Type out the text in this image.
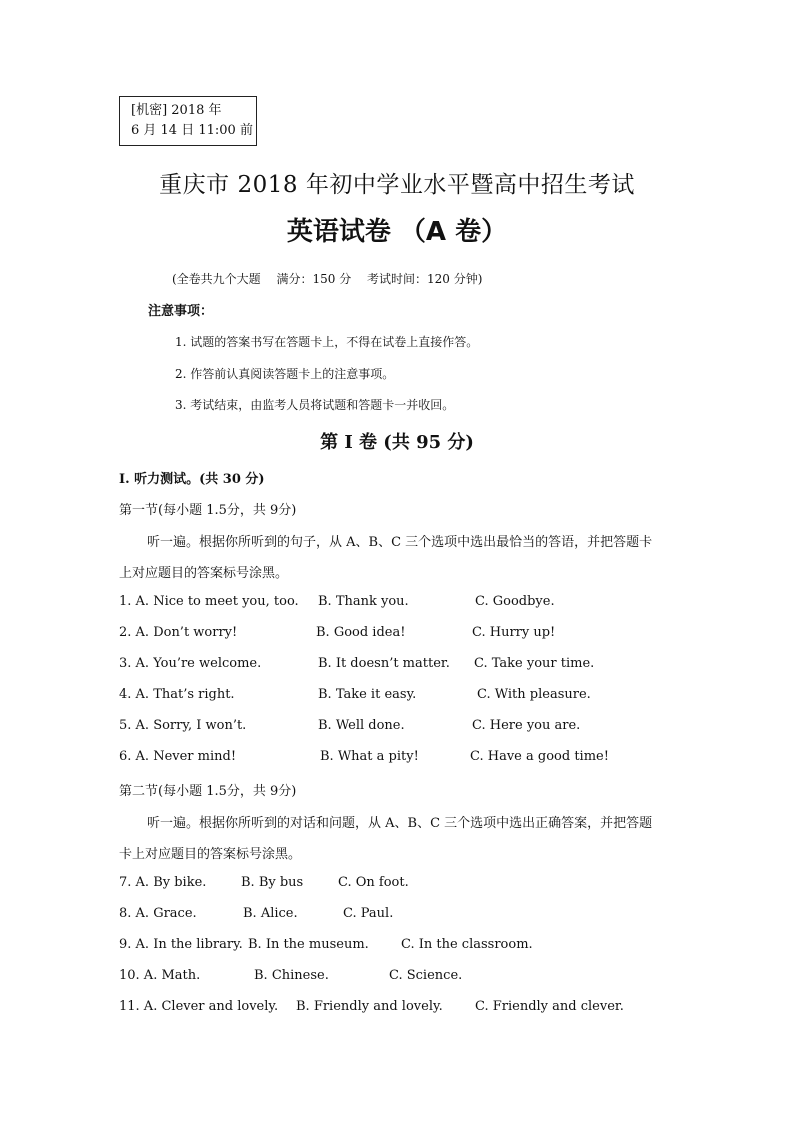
[机密] 2018 年
6 月 14 日 11:00 前
重庆市 2018 年初中学业水平暨高中招生考试
英语试卷 （A 卷）
(全卷共九个大题　 满分：150 分　 考试时间：120 分钟)
注意事项：
1. 试题的答案书写在答题卡上，不得在试卷上直接作答。
2. 作答前认真阅读答题卡上的注意事项。
3. 考试结束，由监考人员将试题和答题卡一并收回。
第 I 卷 (共 95 分)
I. 听力测试。(共 30 分)
第一节(每小题 1.5分，共 9分)
听一遍。根据你所听到的句子，从 A、B、C 三个选项中选出最恰当的答语，并把答题卡
上对应题目的答案标号涂黑。
1. A. Nice to meet you, too. B. Thank you.	C. Goodbye.
2. A. Don’t worry!	B. Good idea!	C. Hurry up!
3. A. You’re welcome.	B. It doesn’t matter. C. Take your time.
4. A. That’s right.	B. Take it easy.	C. With pleasure.
5. A. Sorry, I won’t.	B. Well done.	C. Here you are.
6. A. Never mind!	B. What a pity!	C. Have a good time!
第二节(每小题 1.5分，共 9分)
听一遍。根据你所听到的对话和问题，从 A、B、C 三个选项中选出正确答案，并把答题
卡上对应题目的答案标号涂黑。
7. A. By bike.	B. By bus	C. On foot.
8. A. Grace.	B. Alice.	C. Paul.
9. A. In the library. B. In the museum. C. In the classroom.
10. A. Math.	B. Chinese.	C. Science.
11. A. Clever and lovely. B. Friendly and lovely. C. Friendly and clever.
